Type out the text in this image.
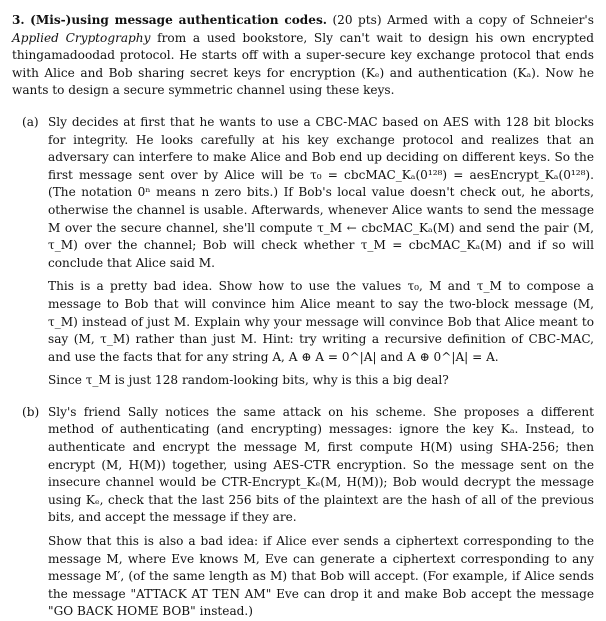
3. (Mis-)using message authentication codes. (20 pts) Armed with a copy of Schneier's Applied Cryptography from a used bookstore, Sly can't wait to design his own encrypted thingamadoodad protocol. He starts off with a super-secure key exchange protocol that ends with Alice and Bob sharing secret keys for encryption (Kₑ) and authentication (Kₐ). Now he wants to design a secure symmetric channel using these keys.

(a) Sly decides at first that he wants to use a CBC-MAC based on AES with 128 bit blocks for integrity. He looks carefully at his key exchange protocol and realizes that an adversary can interfere to make Alice and Bob end up deciding on different keys. So the first message sent over by Alice will be τ₀ = cbcMAC_Kₐ(0¹²⁸) = aesEncrypt_Kₐ(0¹²⁸). (The notation 0ⁿ means n zero bits.) If Bob's local value doesn't check out, he aborts, otherwise the channel is usable. Afterwards, whenever Alice wants to send the message M over the secure channel, she'll compute τ_M ← cbcMAC_Kₐ(M) and send the pair (M, τ_M) over the channel; Bob will check whether τ_M = cbcMAC_Kₐ(M) and if so will conclude that Alice said M.

This is a pretty bad idea. Show how to use the values τ₀, M and τ_M to compose a message to Bob that will convince him Alice meant to say the two-block message (M, τ_M) instead of just M. Explain why your message will convince Bob that Alice meant to say (M, τ_M) rather than just M. Hint: try writing a recursive definition of CBC-MAC, and use the facts that for any string A, A ⊕ A = 0^|A| and A ⊕ 0^|A| = A.

Since τ_M is just 128 random-looking bits, why is this a big deal?

(b) Sly's friend Sally notices the same attack on his scheme. She proposes a different method of authenticating (and encrypting) messages: ignore the key Kₐ. Instead, to authenticate and encrypt the message M, first compute H(M) using SHA-256; then encrypt (M, H(M)) together, using AES-CTR encryption. So the message sent on the insecure channel would be CTR-Encrypt_Kₑ(M, H(M)); Bob would decrypt the message using Kₑ, check that the last 256 bits of the plaintext are the hash of all of the previous bits, and accept the message if they are.

Show that this is also a bad idea: if Alice ever sends a ciphertext corresponding to the message M, where Eve knows M, Eve can generate a ciphertext corresponding to any message M′, (of the same length as M) that Bob will accept. (For example, if Alice sends the message "ATTACK AT TEN AM" Eve can drop it and make Bob accept the message "GO BACK HOME BOB" instead.)
